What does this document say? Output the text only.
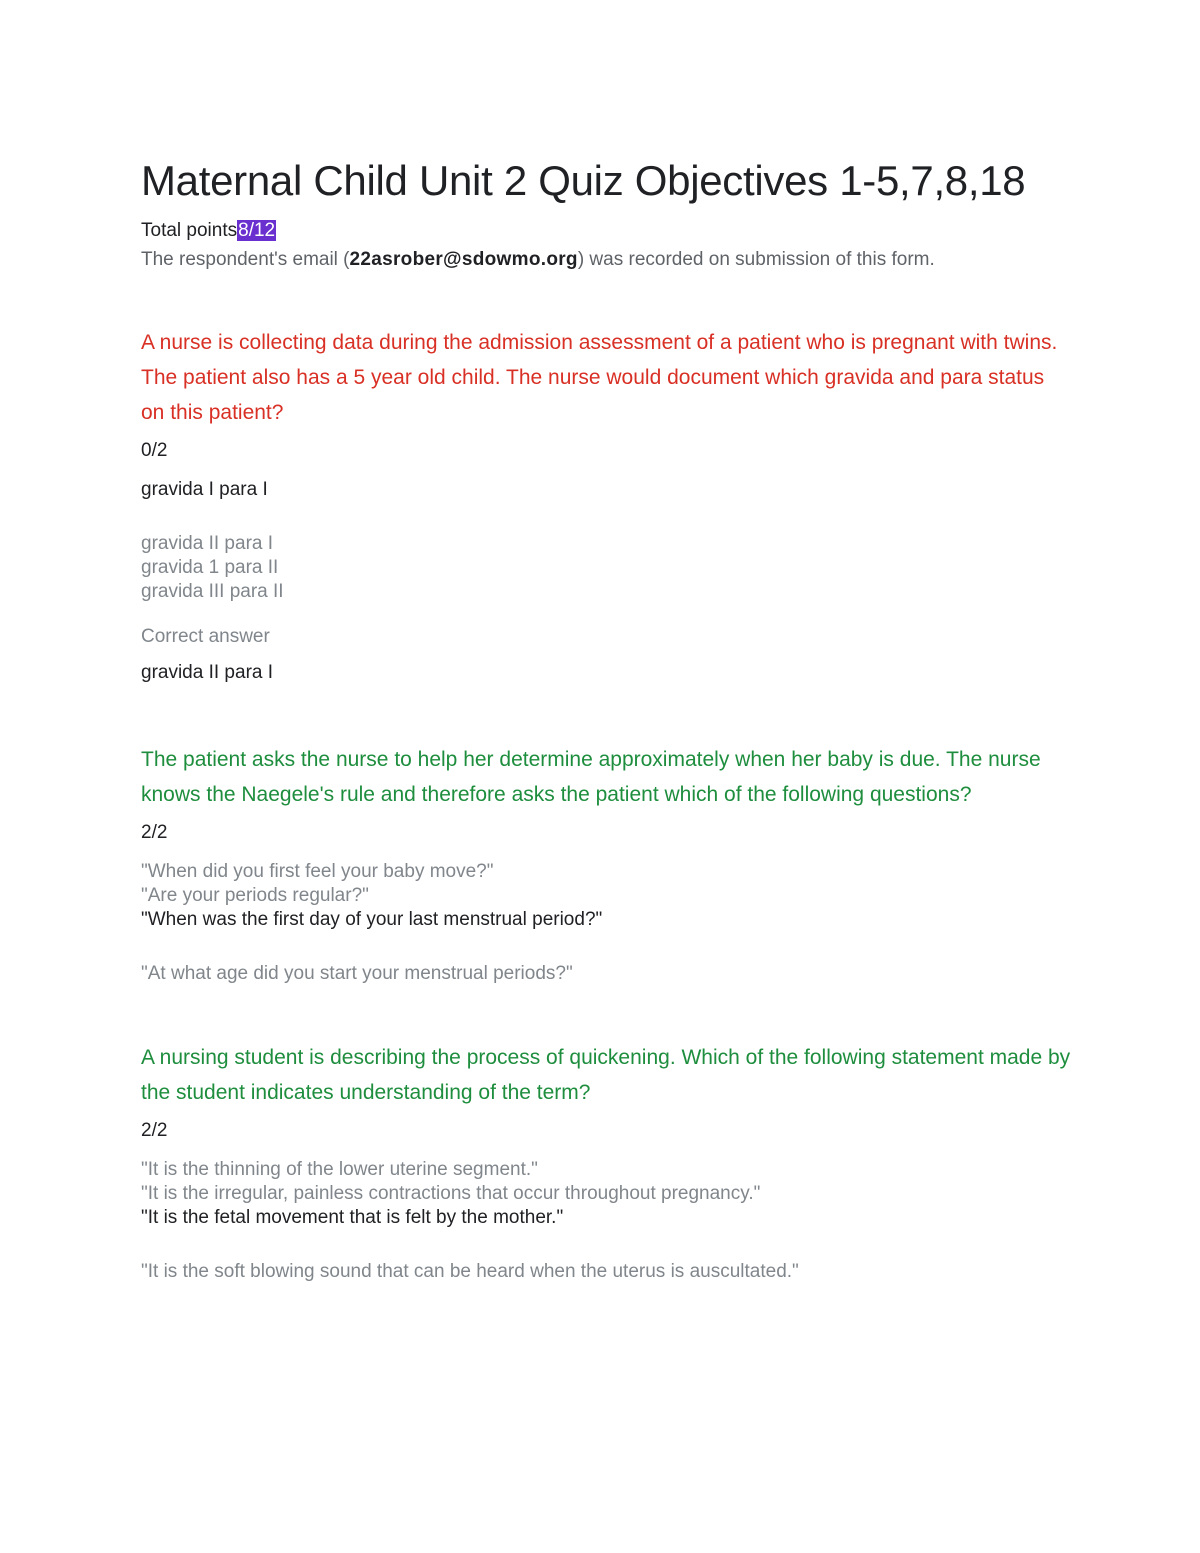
Maternal Child Unit 2 Quiz Objectives 1-5,7,8,18
Total points8/12
The respondent's email (22asrober@sdowmo.org) was recorded on submission of this form.

A nurse is collecting data during the admission assessment of a patient who is pregnant with twins. The patient also has a 5 year old child. The nurse would document which gravida and para status on this patient?

0/2
gravida I para I
gravida II para I
gravida 1 para II
gravida III para II
Correct answer
gravida II para I

The patient asks the nurse to help her determine approximately when her baby is due. The nurse knows the Naegele's rule and therefore asks the patient which of the following questions?

2/2
"When did you first feel your baby move?"
"Are your periods regular?"
"When was the first day of your last menstrual period?"
"At what age did you start your menstrual periods?"

A nursing student is describing the process of quickening. Which of the following statement made by the student indicates understanding of the term?

2/2
"It is the thinning of the lower uterine segment."
"It is the irregular, painless contractions that occur throughout pregnancy."
"It is the fetal movement that is felt by the mother."
"It is the soft blowing sound that can be heard when the uterus is auscultated."
